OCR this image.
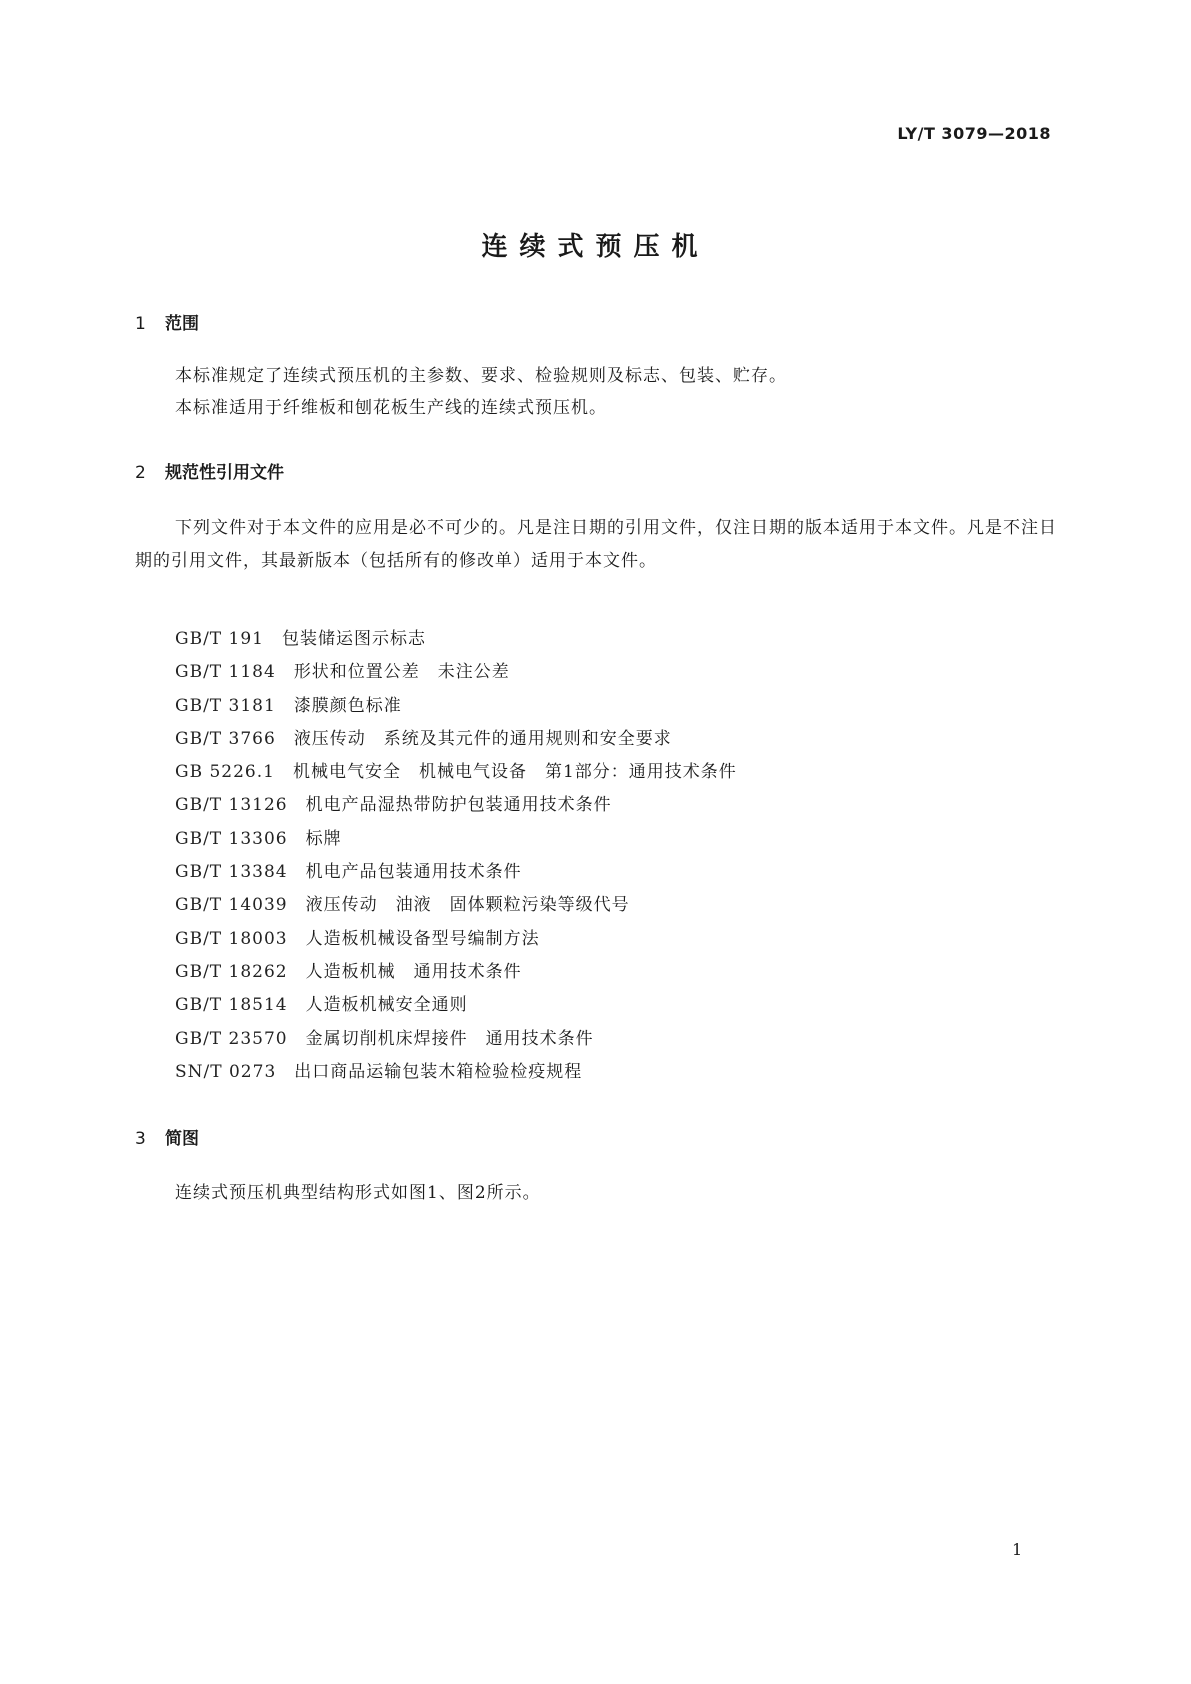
LY/T 3079—2018
连续式预压机
1 范围

本标准规定了连续式预压机的主参数、要求、检验规则及标志、包装、贮存。

本标准适用于纤维板和刨花板生产线的连续式预压机。

2 规范性引用文件

下列文件对于本文件的应用是必不可少的。凡是注日期的引用文件，仅注日期的版本适用于本文件。凡是不注日期的引用文件，其最新版本（包括所有的修改单）适用于本文件。

GB/T 191 包装储运图示标志
GB/T 1184 形状和位置公差　未注公差
GB/T 3181 漆膜颜色标准
GB/T 3766 液压传动　系统及其元件的通用规则和安全要求
GB 5226.1 机械电气安全　机械电气设备　第1部分：通用技术条件
GB/T 13126 机电产品湿热带防护包装通用技术条件
GB/T 13306 标牌
GB/T 13384 机电产品包装通用技术条件
GB/T 14039 液压传动　油液　固体颗粒污染等级代号
GB/T 18003 人造板机械设备型号编制方法
GB/T 18262 人造板机械　通用技术条件
GB/T 18514 人造板机械安全通则
GB/T 23570 金属切削机床焊接件　通用技术条件
SN/T 0273 出口商品运输包装木箱检验检疫规程
3 简图

连续式预压机典型结构形式如图1、图2所示。

1
